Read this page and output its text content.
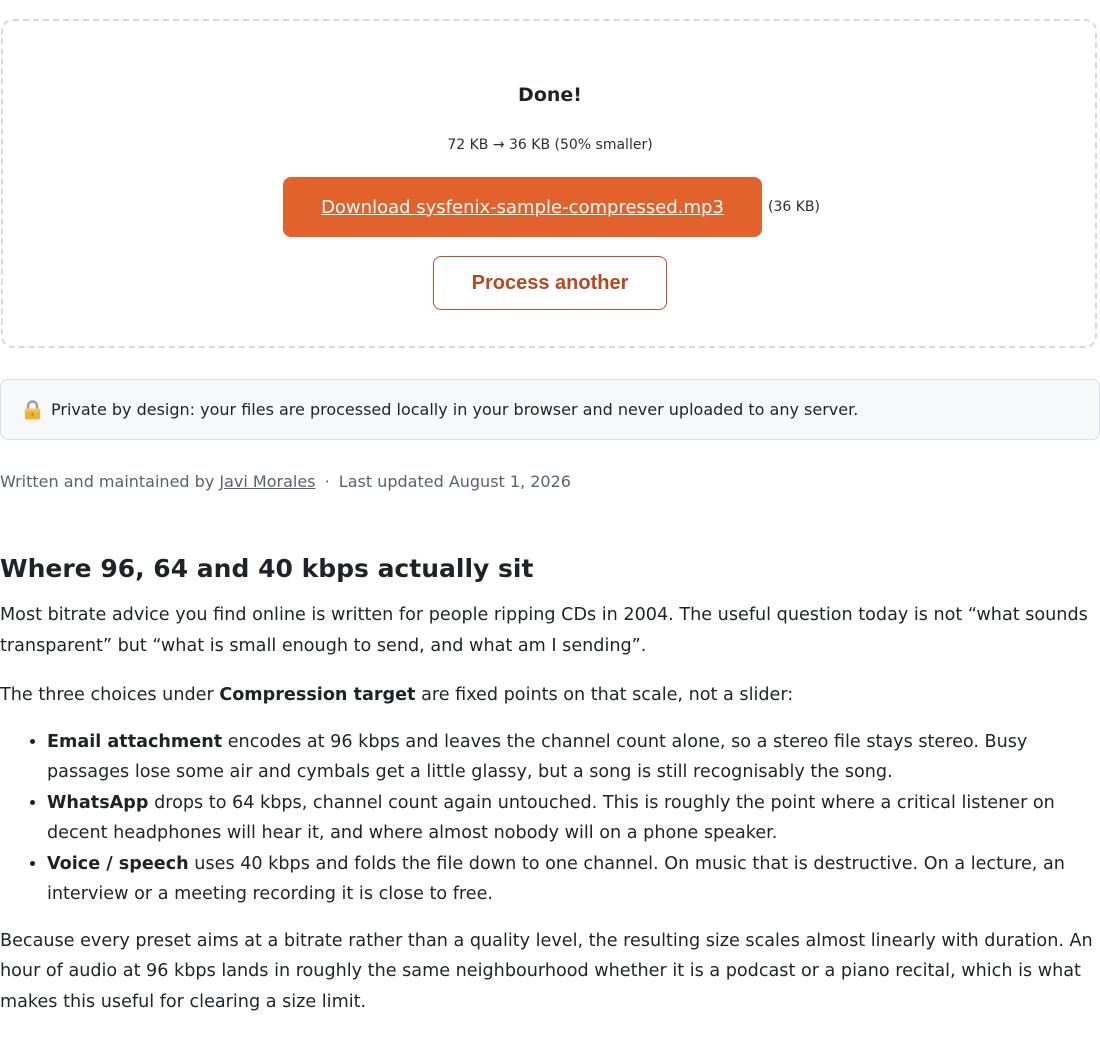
Done!
72 KB → 36 KB (50% smaller)
Download sysfenix-sample-compressed.mp3	(36 KB)
Process another
Private by design: your files are processed locally in your browser and never uploaded to any server.
Written and maintained by Javi Morales · Last updated August 1, 2026
Where 96, 64 and 40 kbps actually sit

Most bitrate advice you find online is written for people ripping CDs in 2004. The useful question today is not “what sounds transparent” but “what is small enough to send, and what am I sending”.

The three choices under Compression target are fixed points on that scale, not a slider:

• Email attachment encodes at 96 kbps and leaves the channel count alone, so a stereo file stays stereo. Busy passages lose some air and cymbals get a little glassy, but a song is still recognisably the song.
• WhatsApp drops to 64 kbps, channel count again untouched. This is roughly the point where a critical listener on decent headphones will hear it, and where almost nobody will on a phone speaker.
• Voice / speech uses 40 kbps and folds the file down to one channel. On music that is destructive. On a lecture, an interview or a meeting recording it is close to free.

Because every preset aims at a bitrate rather than a quality level, the resulting size scales almost linearly with duration. An hour of audio at 96 kbps lands in roughly the same neighbourhood whether it is a podcast or a piano recital, which is what makes this useful for clearing a size limit.
